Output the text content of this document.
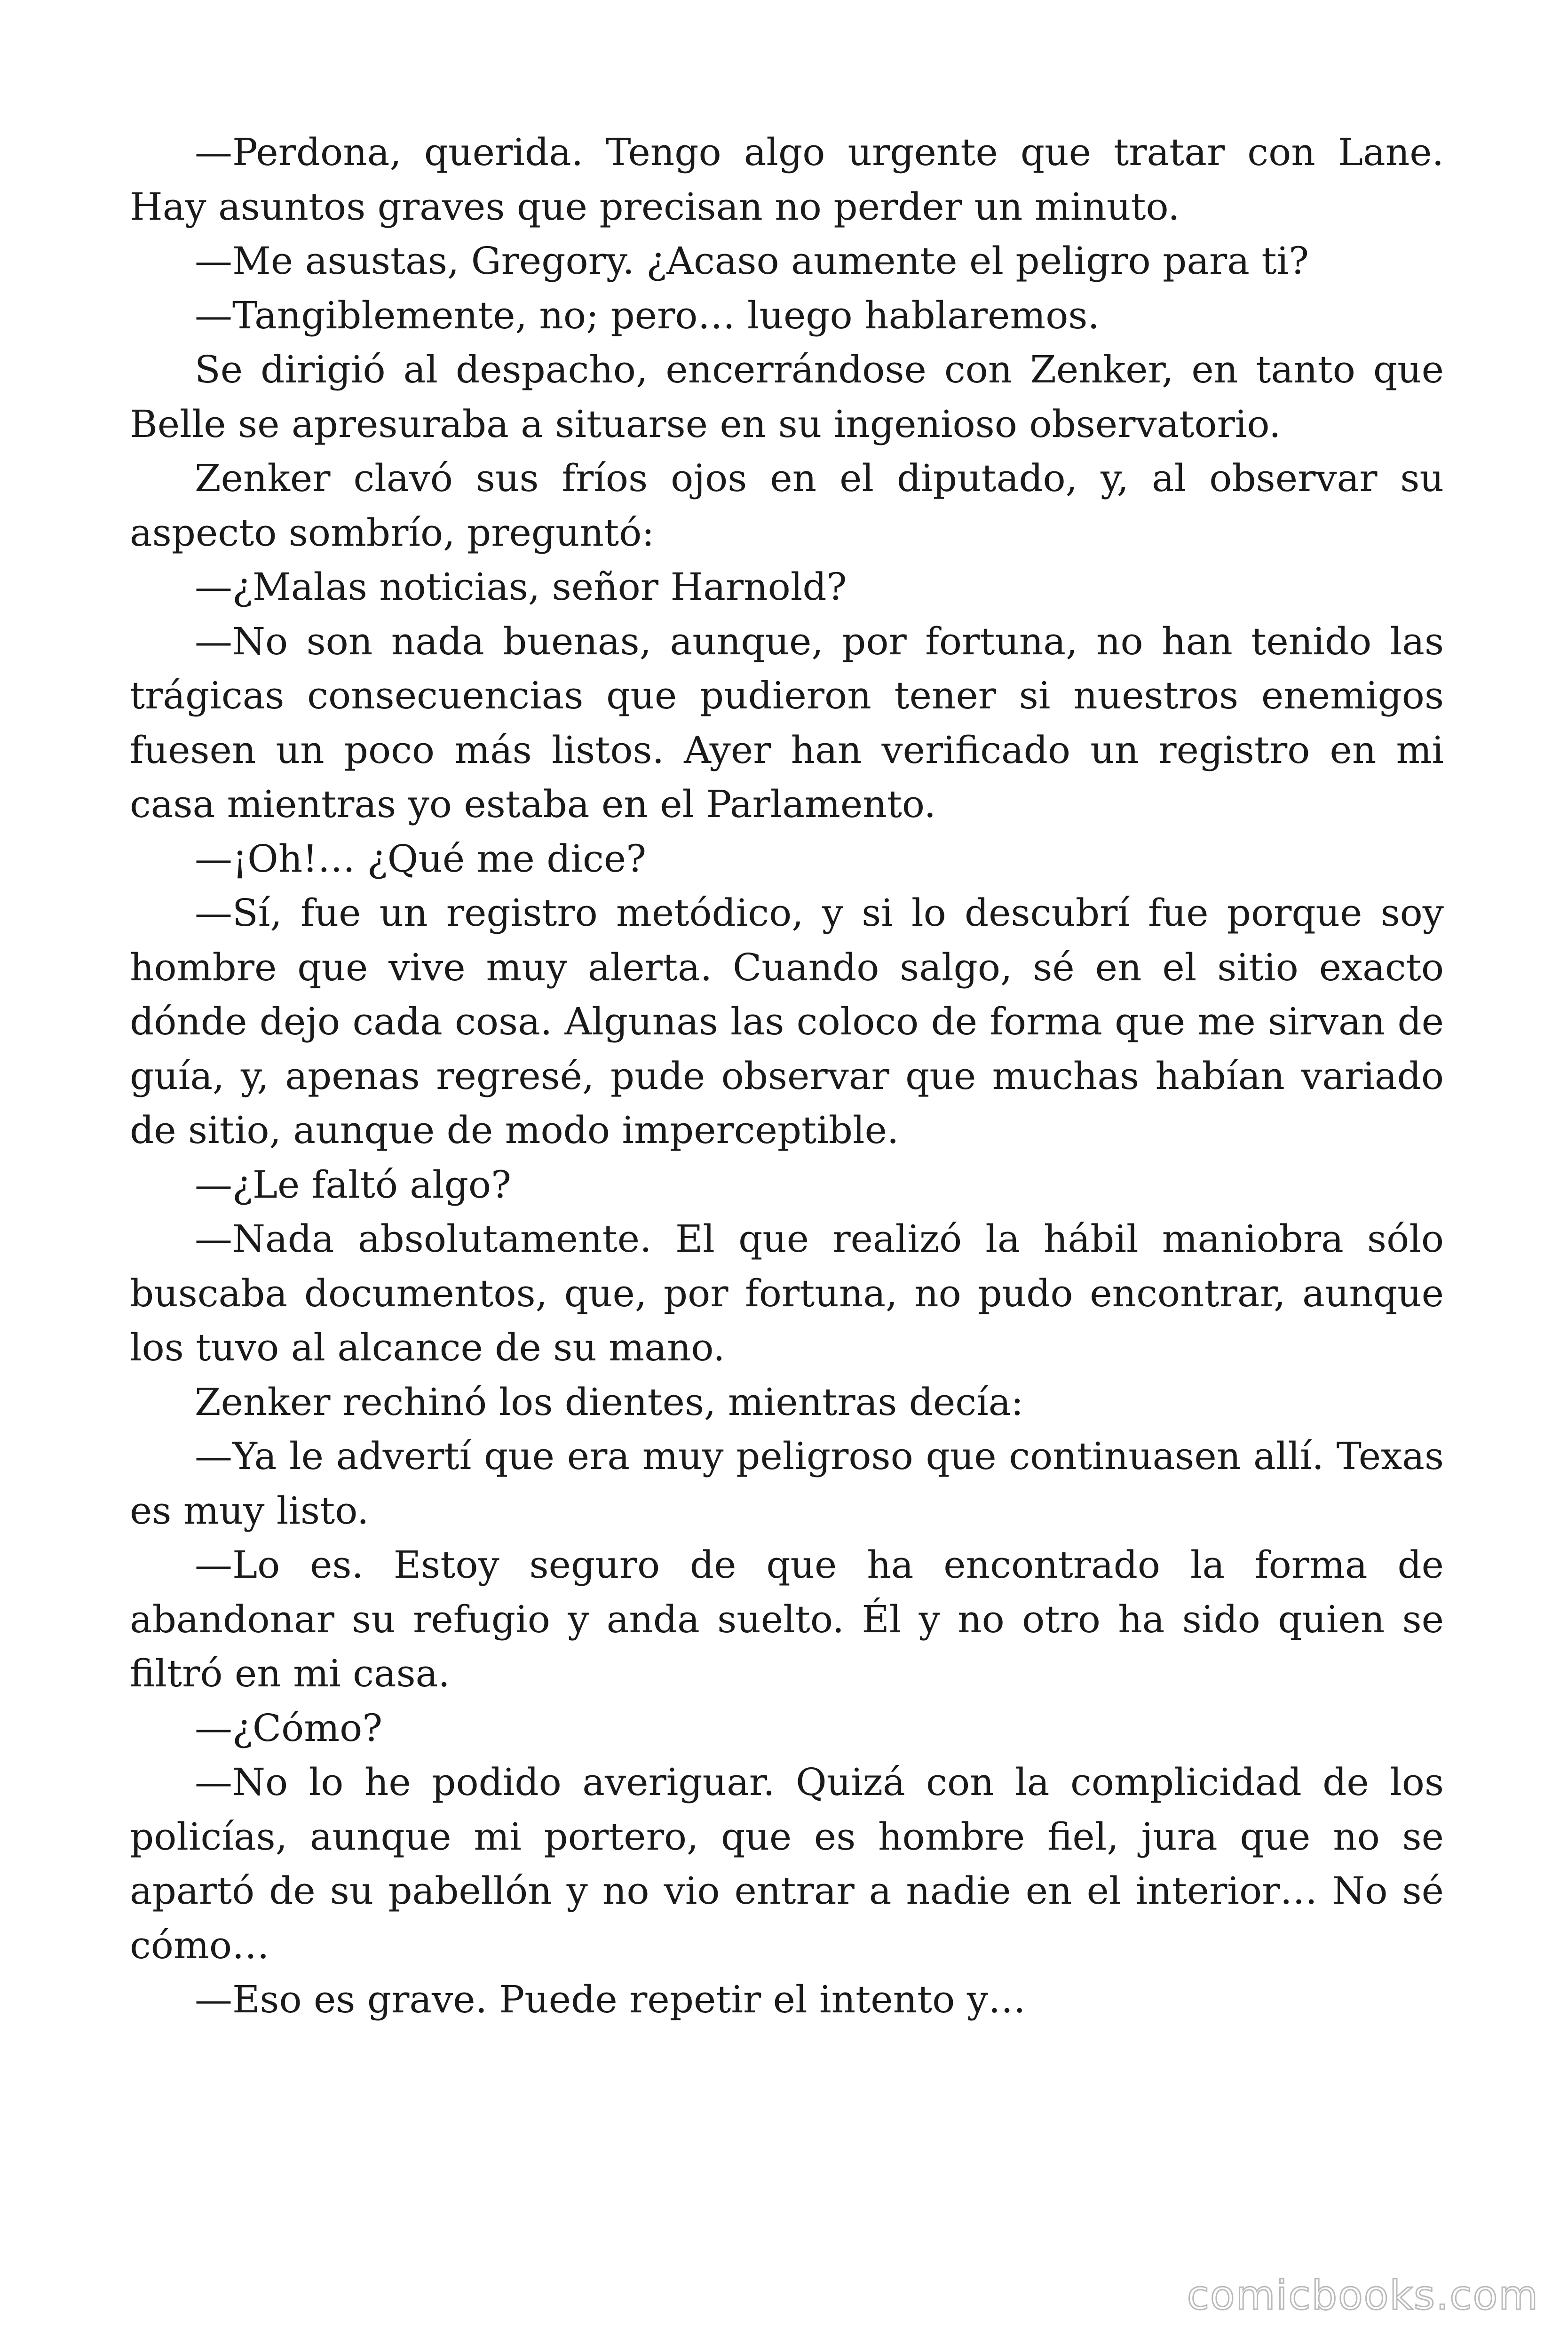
—Perdona, querida. Tengo algo urgente que tratar con Lane. Hay asuntos graves que precisan no perder un minuto.

—Me asustas, Gregory. ¿Acaso aumente el peligro para ti?

—Tangiblemente, no; pero… luego hablaremos.

Se dirigió al despacho, encerrándose con Zenker, en tanto que Belle se apresuraba a situarse en su ingenioso observatorio.

Zenker clavó sus fríos ojos en el diputado, y, al observar su aspecto sombrío, preguntó:

—¿Malas noticias, señor Harnold?

—No son nada buenas, aunque, por fortuna, no han tenido las trágicas consecuencias que pudieron tener si nuestros enemigos fuesen un poco más listos. Ayer han verificado un registro en mi casa mientras yo estaba en el Parlamento.

—¡Oh!… ¿Qué me dice?

—Sí, fue un registro metódico, y si lo descubrí fue porque soy hombre que vive muy alerta. Cuando salgo, sé en el sitio exacto dónde dejo cada cosa. Algunas las coloco de forma que me sirvan de guía, y, apenas regresé, pude observar que muchas habían variado de sitio, aunque de modo imperceptible.

—¿Le faltó algo?

—Nada absolutamente. El que realizó la hábil maniobra sólo buscaba documentos, que, por fortuna, no pudo encontrar, aunque los tuvo al alcance de su mano.

Zenker rechinó los dientes, mientras decía:

—Ya le advertí que era muy peligroso que continuasen allí. Texas es muy listo.

—Lo es. Estoy seguro de que ha encontrado la forma de abandonar su refugio y anda suelto. Él y no otro ha sido quien se filtró en mi casa.

—¿Cómo?

—No lo he podido averiguar. Quizá con la complicidad de los policías, aunque mi portero, que es hombre fiel, jura que no se apartó de su pabellón y no vio entrar a nadie en el interior… No sé cómo…

—Eso es grave. Puede repetir el intento y…

comicbooks.com
